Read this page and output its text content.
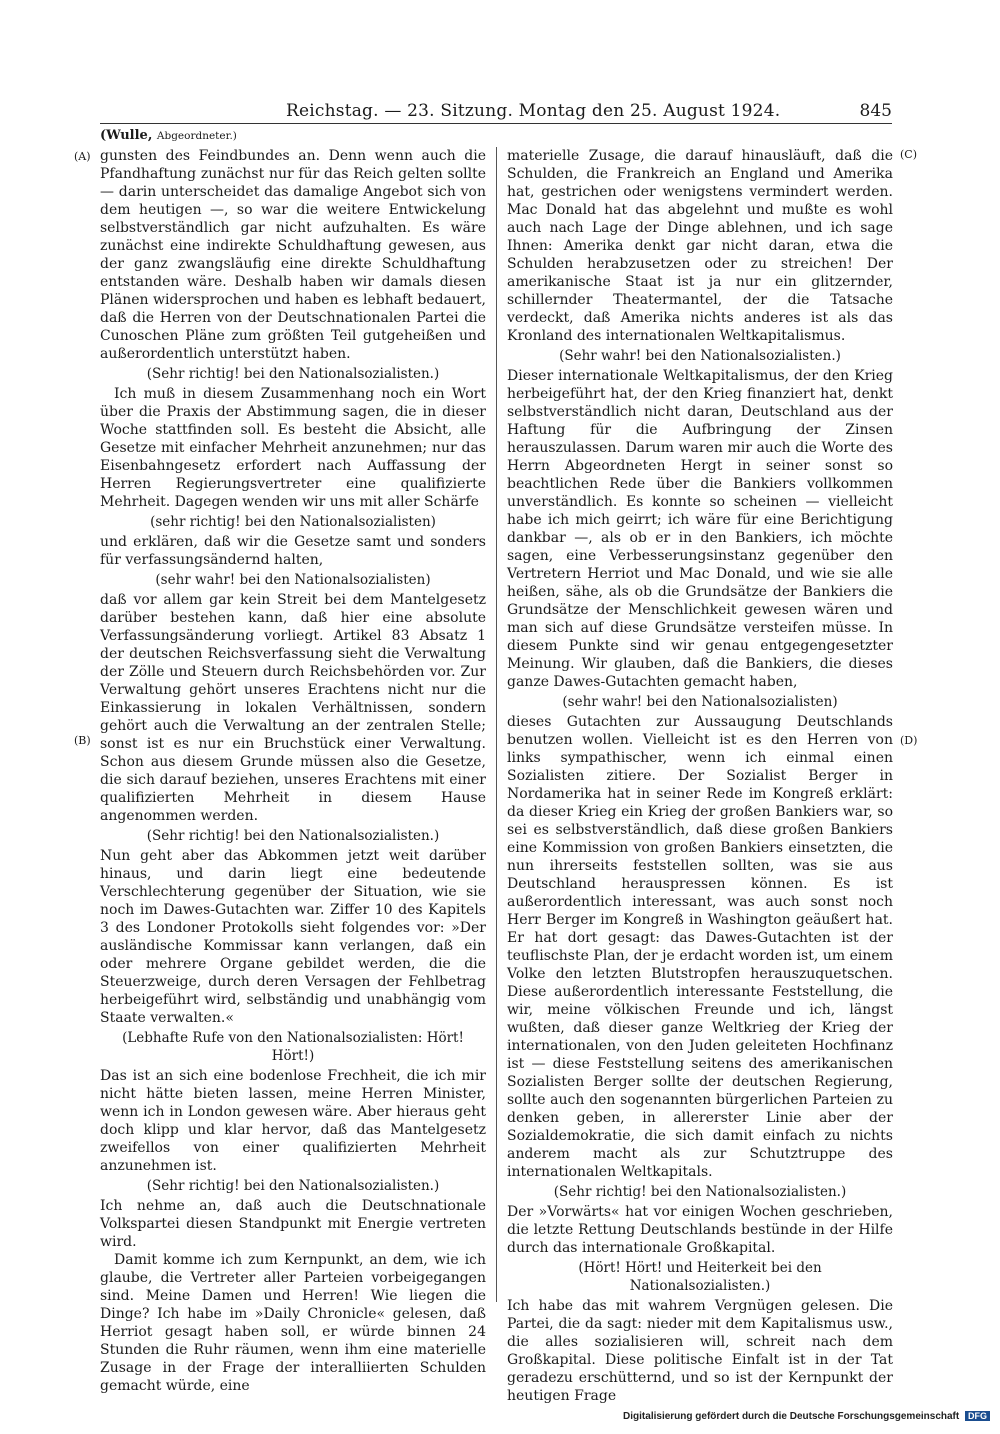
Reichstag. — 23. Sitzung. Montag den 25. August 1924.	845
(Wulle, Abgeordneter.)
(A)
(B)
(C)
(D)

gunsten des Feindbundes an. Denn wenn auch die Pfandhaftung zunächst nur für das Reich gelten sollte — darin unterscheidet das damalige Angebot sich von dem heutigen —, so war die weitere Entwickelung selbstverständlich gar nicht aufzuhalten. Es wäre zunächst eine indirekte Schuldhaftung gewesen, aus der ganz zwangsläufig eine direkte Schuldhaftung entstanden wäre. Deshalb haben wir damals diesen Plänen widersprochen und haben es lebhaft bedauert, daß die Herren von der Deutschnationalen Partei die Cunoschen Pläne zum größten Teil gutgeheißen und außerordentlich unterstützt haben.

(Sehr richtig! bei den Nationalsozialisten.)

Ich muß in diesem Zusammenhang noch ein Wort über die Praxis der Abstimmung sagen, die in dieser Woche stattfinden soll. Es besteht die Absicht, alle Gesetze mit einfacher Mehrheit anzunehmen; nur das Eisenbahngesetz erfordert nach Auffassung der Herren Regierungsvertreter eine qualifizierte Mehrheit. Dagegen wenden wir uns mit aller Schärfe

(sehr richtig! bei den Nationalsozialisten)

und erklären, daß wir die Gesetze samt und sonders für verfassungsändernd halten,

(sehr wahr! bei den Nationalsozialisten)

daß vor allem gar kein Streit bei dem Mantelgesetz darüber bestehen kann, daß hier eine absolute Verfassungsänderung vorliegt. Artikel 83 Absatz 1 der deutschen Reichsverfassung sieht die Verwaltung der Zölle und Steuern durch Reichsbehörden vor. Zur Verwaltung gehört unseres Erachtens nicht nur die Einkassierung in lokalen Verhältnissen, sondern gehört auch die Verwaltung an der zentralen Stelle; sonst ist es nur ein Bruchstück einer Verwaltung. Schon aus diesem Grunde müssen also die Gesetze, die sich darauf beziehen, unseres Erachtens mit einer qualifizierten Mehrheit in diesem Hause angenommen werden.

(Sehr richtig! bei den Nationalsozialisten.)

Nun geht aber das Abkommen jetzt weit darüber hinaus, und darin liegt eine bedeutende Verschlechterung gegenüber der Situation, wie sie noch im Dawes-Gutachten war. Ziffer 10 des Kapitels 3 des Londoner Protokolls sieht folgendes vor: »Der ausländische Kommissar kann verlangen, daß ein oder mehrere Organe gebildet werden, die die Steuerzweige, durch deren Versagen der Fehlbetrag herbeigeführt wird, selbständig und unabhängig vom Staate verwalten.«

(Lebhafte Rufe von den Nationalsozialisten: Hört! Hört!)

Das ist an sich eine bodenlose Frechheit, die ich mir nicht hätte bieten lassen, meine Herren Minister, wenn ich in London gewesen wäre. Aber hieraus geht doch klipp und klar hervor, daß das Mantelgesetz zweifellos von einer qualifizierten Mehrheit anzunehmen ist.

(Sehr richtig! bei den Nationalsozialisten.)

Ich nehme an, daß auch die Deutschnationale Volkspartei diesen Standpunkt mit Energie vertreten wird.

Damit komme ich zum Kernpunkt, an dem, wie ich glaube, die Vertreter aller Parteien vorbeigegangen sind. Meine Damen und Herren! Wie liegen die Dinge? Ich habe im »Daily Chronicle« gelesen, daß Herriot gesagt haben soll, er würde binnen 24 Stunden die Ruhr räumen, wenn ihm eine materielle Zusage in der Frage der interalliierten Schulden gemacht würde, eine

materielle Zusage, die darauf hinausläuft, daß die Schulden, die Frankreich an England und Amerika hat, gestrichen oder wenigstens vermindert werden. Mac Donald hat das abgelehnt und mußte es wohl auch nach Lage der Dinge ablehnen, und ich sage Ihnen: Amerika denkt gar nicht daran, etwa die Schulden herabzusetzen oder zu streichen! Der amerikanische Staat ist ja nur ein glitzernder, schillernder Theatermantel, der die Tatsache verdeckt, daß Amerika nichts anderes ist als das Kronland des internationalen Weltkapitalismus.

(Sehr wahr! bei den Nationalsozialisten.)

Dieser internationale Weltkapitalismus, der den Krieg herbeigeführt hat, der den Krieg finanziert hat, denkt selbstverständlich nicht daran, Deutschland aus der Haftung für die Aufbringung der Zinsen herauszulassen. Darum waren mir auch die Worte des Herrn Abgeordneten Hergt in seiner sonst so beachtlichen Rede über die Bankiers vollkommen unverständlich. Es konnte so scheinen — vielleicht habe ich mich geirrt; ich wäre für eine Berichtigung dankbar —, als ob er in den Bankiers, ich möchte sagen, eine Verbesserungsinstanz gegenüber den Vertretern Herriot und Mac Donald, und wie sie alle heißen, sähe, als ob die Grundsätze der Bankiers die Grundsätze der Menschlichkeit gewesen wären und man sich auf diese Grundsätze versteifen müsse. In diesem Punkte sind wir genau entgegengesetzter Meinung. Wir glauben, daß die Bankiers, die dieses ganze Dawes-Gutachten gemacht haben,

(sehr wahr! bei den Nationalsozialisten)

dieses Gutachten zur Aussaugung Deutschlands benutzen wollen. Vielleicht ist es den Herren von links sympathischer, wenn ich einmal einen Sozialisten zitiere. Der Sozialist Berger in Nordamerika hat in seiner Rede im Kongreß erklärt: da dieser Krieg ein Krieg der großen Bankiers war, so sei es selbstverständlich, daß diese großen Bankiers eine Kommission von großen Bankiers einsetzten, die nun ihrerseits feststellen sollten, was sie aus Deutschland herauspressen können. Es ist außerordentlich interessant, was auch sonst noch Herr Berger im Kongreß in Washington geäußert hat. Er hat dort gesagt: das Dawes-Gutachten ist der teuflischste Plan, der je erdacht worden ist, um einem Volke den letzten Blutstropfen herauszuquetschen. Diese außerordentlich interessante Feststellung, die wir, meine völkischen Freunde und ich, längst wußten, daß dieser ganze Weltkrieg der Krieg der internationalen, von den Juden geleiteten Hochfinanz ist — diese Feststellung seitens des amerikanischen Sozialisten Berger sollte der deutschen Regierung, sollte auch den sogenannten bürgerlichen Parteien zu denken geben, in allererster Linie aber der Sozialdemokratie, die sich damit einfach zu nichts anderem macht als zur Schutztruppe des internationalen Weltkapitals.

(Sehr richtig! bei den Nationalsozialisten.)

Der »Vorwärts« hat vor einigen Wochen geschrieben, die letzte Rettung Deutschlands bestünde in der Hilfe durch das internationale Großkapital.

(Hört! Hört! und Heiterkeit bei den Nationalsozialisten.)

Ich habe das mit wahrem Vergnügen gelesen. Die Partei, die da sagt: nieder mit dem Kapitalismus usw., die alles sozialisieren will, schreit nach dem Großkapital. Diese politische Einfalt ist in der Tat geradezu erschütternd, und so ist der Kernpunkt der heutigen Frage

Digitalisierung gefördert durch die Deutsche Forschungsgemeinschaft DFG
